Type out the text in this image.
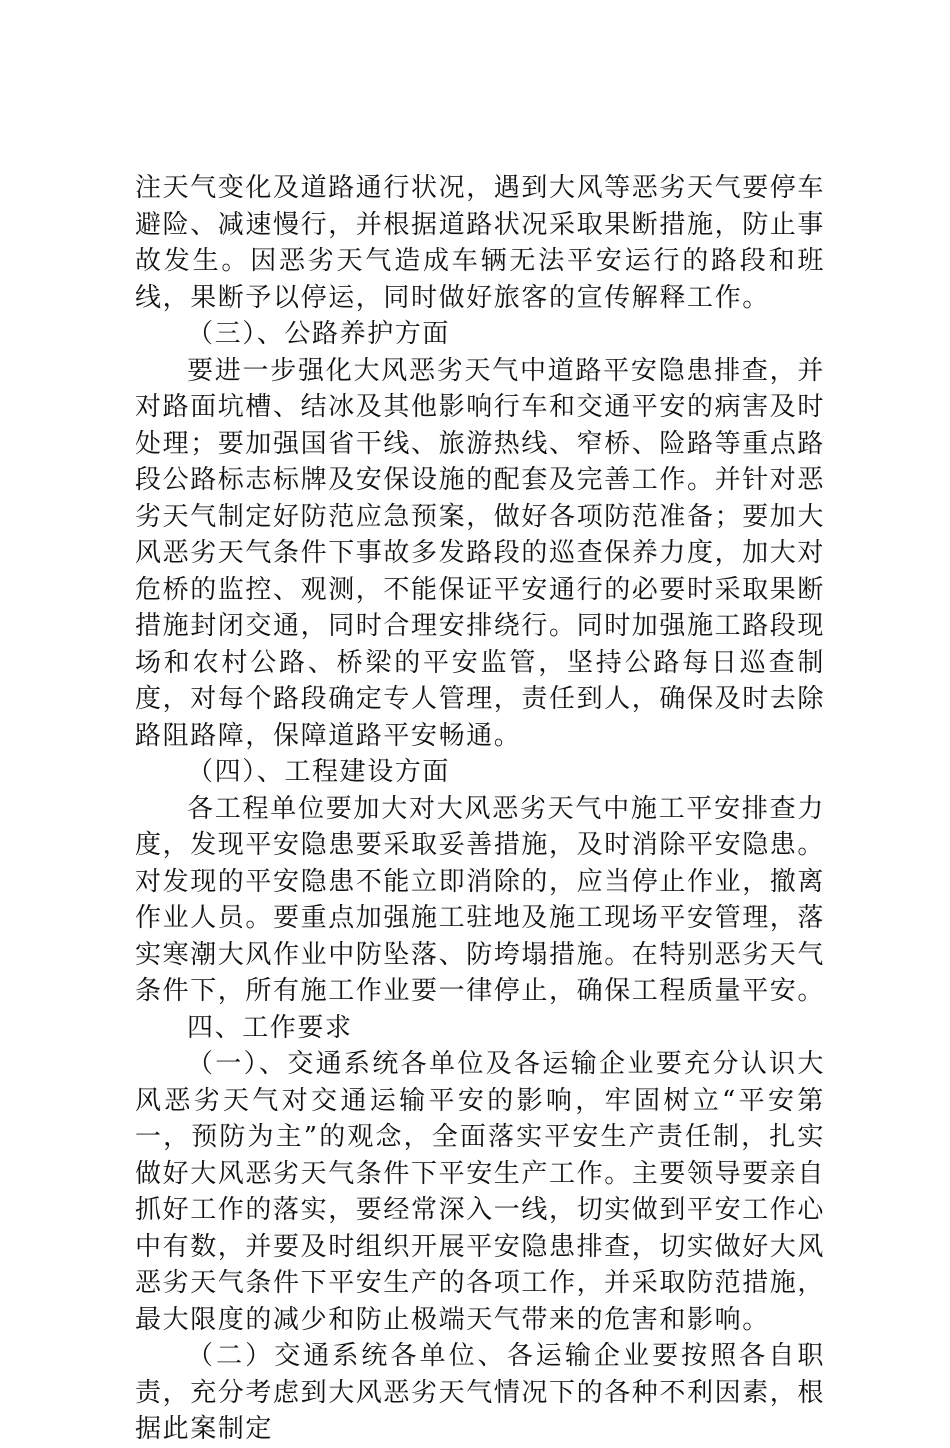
注天气变化及道路通行状况，遇到大风等恶劣天气要停车避险、减速慢行，并根据道路状况采取果断措施，防止事故发生。因恶劣天气造成车辆无法平安运行的路段和班线，果断予以停运，同时做好旅客的宣传解释工作。

（三）、公路养护方面

要进一步强化大风恶劣天气中道路平安隐患排查，并对路面坑槽、结冰及其他影响行车和交通平安的病害及时处理；要加强国省干线、旅游热线、窄桥、险路等重点路段公路标志标牌及安保设施的配套及完善工作。并针对恶劣天气制定好防范应急预案，做好各项防范准备；要加大风恶劣天气条件下事故多发路段的巡查保养力度，加大对危桥的监控、观测，不能保证平安通行的必要时采取果断措施封闭交通，同时合理安排绕行。同时加强施工路段现场和农村公路、桥梁的平安监管，坚持公路每日巡查制度，对每个路段确定专人管理，责任到人，确保及时去除路阻路障，保障道路平安畅通。

（四）、工程建设方面

各工程单位要加大对大风恶劣天气中施工平安排查力度，发现平安隐患要采取妥善措施，及时消除平安隐患。对发现的平安隐患不能立即消除的，应当停止作业，撤离作业人员。要重点加强施工驻地及施工现场平安管理，落实寒潮大风作业中防坠落、防垮塌措施。在特别恶劣天气条件下，所有施工作业要一律停止，确保工程质量平安。

四、工作要求

（一）、交通系统各单位及各运输企业要充分认识大风恶劣天气对交通运输平安的影响，牢固树立“平安第一，预防为主”的观念，全面落实平安生产责任制，扎实做好大风恶劣天气条件下平安生产工作。主要领导要亲自抓好工作的落实，要经常深入一线，切实做到平安工作心中有数，并要及时组织开展平安隐患排查，切实做好大风恶劣天气条件下平安生产的各项工作，并采取防范措施，最大限度的减少和防止极端天气带来的危害和影响。

（二）交通系统各单位、各运输企业要按照各自职责，充分考虑到大风恶劣天气情况下的各种不利因素，根据此案制定
